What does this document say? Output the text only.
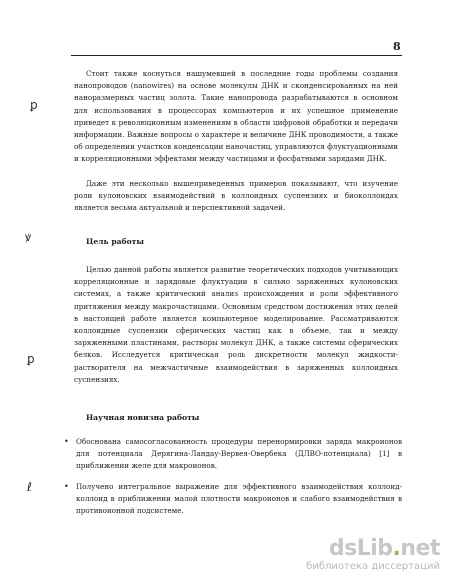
8
Стоит также коснуться нашумевшей в последние годы проблемы создания нанопроводов (nanowires) на основе молекулы ДНК и сконденсированных на ней наноразмерных частиц золота. Такие нанопровода разрабатываются в основном для использования в процессорах компьютеров и их успешное применение приведет к революционным изменениям в области цифровой обработки и передачи информации. Важные вопросы о характере и величине ДНК проводимости, а также об определении участков конденсации наночастиц, управляются флуктуационными и корреляционными эффектами между частицами и фосфатными зарядами ДНК.
Даже эти несколько вышеприведенных примеров показывают, что изучение роли кулоновских взаимодействий в коллоидных суспензиях и биоколлоидах является весьма актуальной и перспективной задачей.
Цель работы
Целью данной работы является развитие теоретических подходов учитывающих корреляционные и зарядовые флуктуации в сильно заряженных кулоновских системах, а также критический анализ происхождения и роли эффективного притяжения между макрочастицами. Основным средством достижения этих целей в настоящей работе является компьютерное моделирование. Рассматриваются коллоидные суспензии сферических частиц как в объеме, так и между заряженными пластинами, растворы молекул ДНК, а также системы сферических белков. Исследуется критическая роль дискретности молекул жидкости-растворителя на межчастичные взаимодействия в заряженных коллоидных суспензиях.
Научная новизна работы
• Обоснована самосогласованность процедуры перенормировки заряда макроионов для потенциала Дерягина-Ландау-Вервея-Овербека (ДЛВО-потенциала) [1] в приближении желе для макроионов.
• Получено интегральное выражение для эффективного взаимодействия коллоид-коллоид в приближении малой плотности макроионов и слабого взаимодействия в противоионной подсистеме.
ꝑ
ꝟ
ꝑ
ℓ
dsLib.net
библиотека диссертаций
